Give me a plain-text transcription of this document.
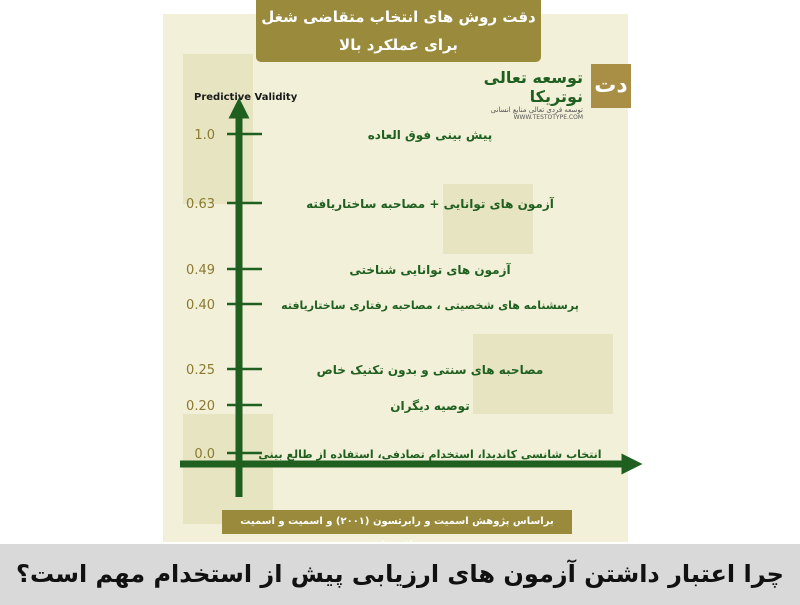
دقت روش های انتخاب متقاضی شغل
برای عملکرد بالا
توسعه تعالی نوتریکا
توسعه فردی تعالی منابع انسانی
WWW.TESTOTYPE.COM
دت
Predictive Validity
1.0	پیش بینی فوق العاده
0.63	آزمون های توانایی + مصاحبه ساختاریافته
0.49	آزمون های توانایی شناختی
0.40	پرسشنامه های شخصیتی ، مصاحبه رفتاری ساختاریافته
0.25	مصاحبه های سنتی و بدون تکنیک خاص
0.20	توصیه دیگران
0.0	انتخاب شانسی کاندیدا، استخدام تصادفی، استفاده از طالع بینی
براساس پژوهش اسمیت و رابرتسون (۲۰۰۱) و اسمیت و اسمیت
چرا اعتبار داشتن آزمون های ارزیابی پیش از استخدام مهم است؟
